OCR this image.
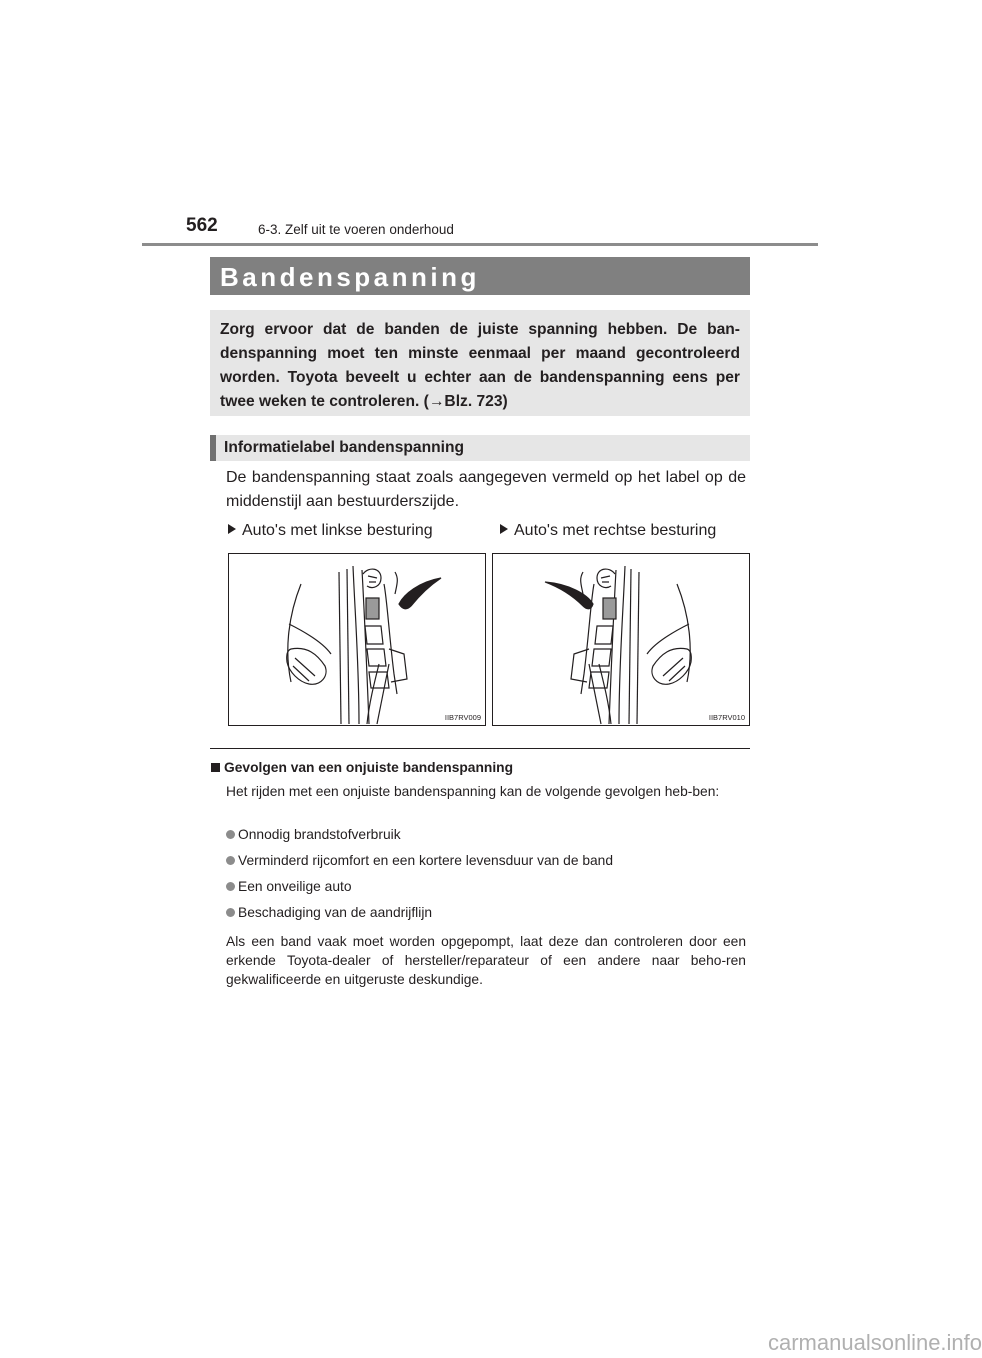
562	6-3. Zelf uit te voeren onderhoud
Bandenspanning

Zorg ervoor dat de banden de juiste spanning hebben. De ban-denspanning moet ten minste eenmaal per maand gecontroleerd worden. Toyota beveelt u echter aan de bandenspanning eens per twee weken te controleren. (→Blz. 723)

Informatielabel bandenspanning

De bandenspanning staat zoals aangegeven vermeld op het label op de middenstijl aan bestuurderszijde.

Auto's met linkse besturing	Auto's met rechtse besturing
IIB7RV009	IIB7RV010
Gevolgen van een onjuiste bandenspanning

Het rijden met een onjuiste bandenspanning kan de volgende gevolgen heb-ben:

Onnodig brandstofverbruik
Verminderd rijcomfort en een kortere levensduur van de band
Een onveilige auto
Beschadiging van de aandrijflijn

Als een band vaak moet worden opgepompt, laat deze dan controleren door een erkende Toyota-dealer of hersteller/reparateur of een andere naar beho-ren gekwalificeerde en uitgeruste deskundige.

carmanualsonline.info
